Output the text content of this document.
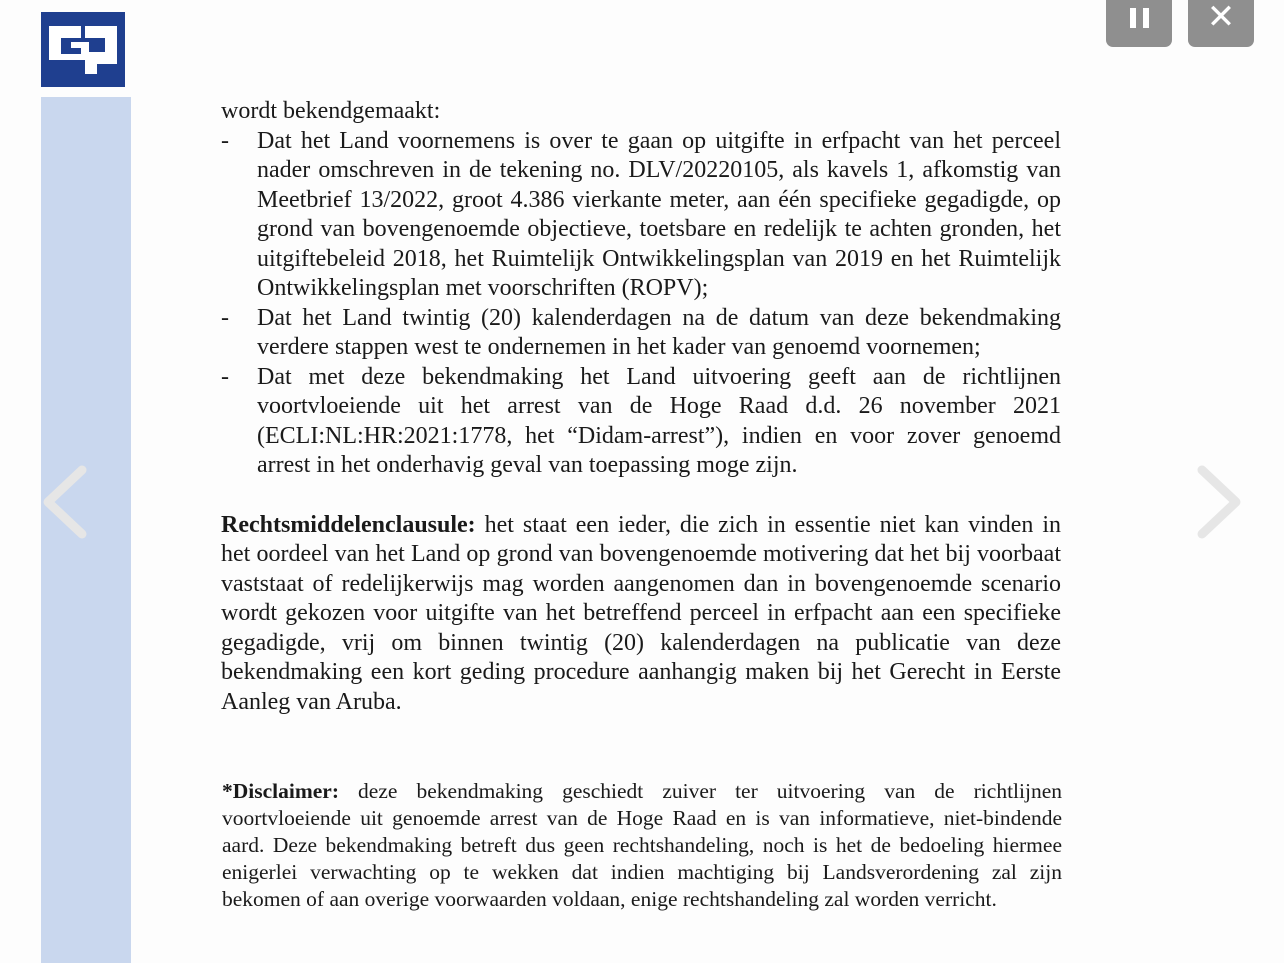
✕

wordt bekendgemaakt:

- Dat het Land voornemens is over te gaan op uitgifte in erfpacht van het perceel nader omschreven in de tekening no. DLV/20220105, als kavels 1, afkomstig van Meetbrief 13/2022, groot 4.386 vierkante meter, aan één specifieke gegadigde, op grond van bovengenoemde objectieve, toetsbare en redelijk te achten gronden, het uitgiftebeleid 2018, het Ruimtelijk Ontwikkelingsplan van 2019 en het Ruimtelijk Ontwikkelingsplan met voorschriften (ROPV);
- Dat het Land twintig (20) kalenderdagen na de datum van deze bekendmaking verdere stappen west te ondernemen in het kader van genoemd voornemen;
- Dat met deze bekendmaking het Land uitvoering geeft aan de richtlijnen voortvloeiende uit het arrest van de Hoge Raad d.d. 26 november 2021 (ECLI:NL:HR:2021:1778, het “Didam-arrest”), indien en voor zover genoemd arrest in het onderhavig geval van toepassing moge zijn.

Rechtsmiddelenclausule: het staat een ieder, die zich in essentie niet kan vinden in het oordeel van het Land op grond van bovengenoemde motivering dat het bij voorbaat vaststaat of redelijkerwijs mag worden aangenomen dan in bovengenoemde scenario wordt gekozen voor uitgifte van het betreffend perceel in erfpacht aan een specifieke gegadigde, vrij om binnen twintig (20) kalenderdagen na publicatie van deze bekendmaking een kort geding procedure aanhangig maken bij het Gerecht in Eerste Aanleg van Aruba.

*Disclaimer: deze bekendmaking geschiedt zuiver ter uitvoering van de richtlijnen voortvloeiende uit genoemde arrest van de Hoge Raad en is van informatieve, niet-bindende aard. Deze bekendmaking betreft dus geen rechtshandeling, noch is het de bedoeling hiermee enigerlei verwachting op te wekken dat indien machtiging bij Landsverordening zal zijn bekomen of aan overige voorwaarden voldaan, enige rechtshandeling zal worden verricht.
